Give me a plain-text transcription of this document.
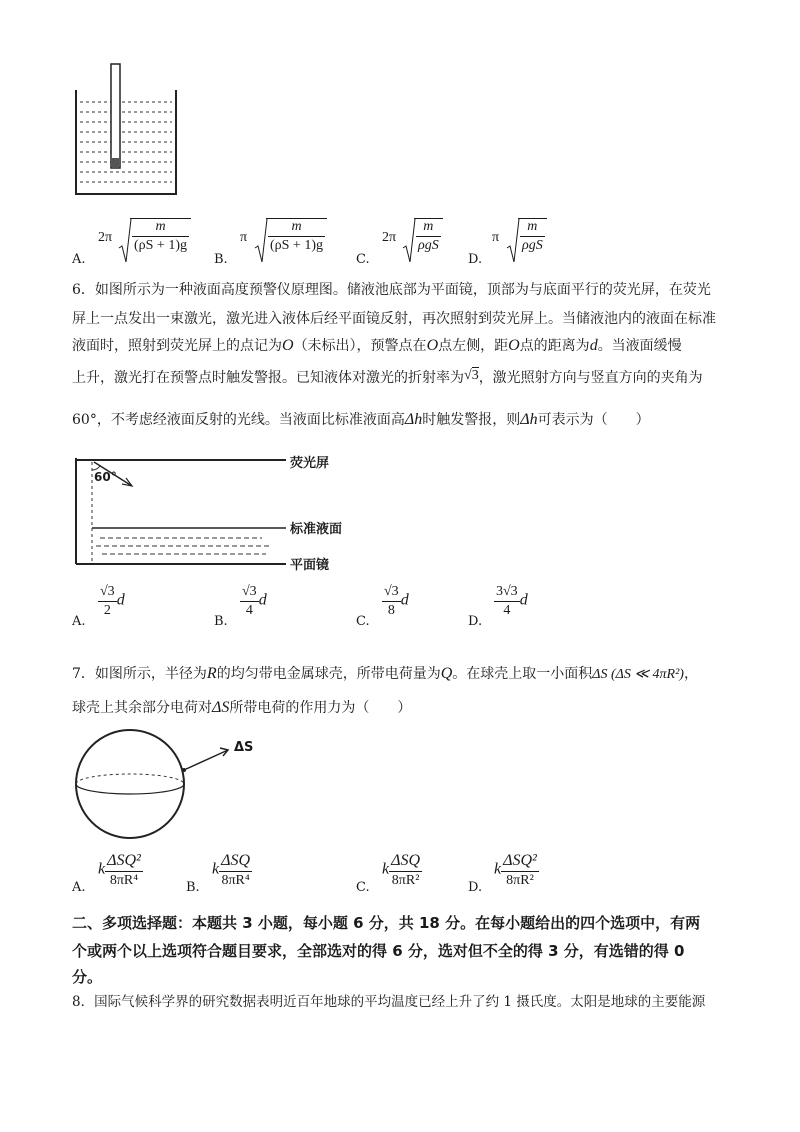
A.
$2\pi \frac{m}{(\rho S + 1)g}$
B.
π $\frac{m}{(\rho S + 1)g}$
C.
$2\pi \frac{m}{\text{ρgS}}$
D.
π $\frac{m}{\text{ρgS}}$
6．如图所示为一种液面高度预警仪原理图。储液池底部为平面镜，顶部为与底面平行的荧光屏，在荧光
屏上一点发出一束激光，激光进入液体后经平面镜反射，再次照射到荧光屏上。当储液池内的液面在标准
液面时，照射到荧光屏上的点记为O（未标出），预警点在O点左侧，距O点的距离为d。当液面缓慢
上升，激光打在预警点时触发警报。已知液体对激光的折射率为√3，激光照射方向与竖直方向的夹角为
60°，不考虑经液面反射的光线。当液面比标准液面高Δh时触发警报，则Δh可表示为（　　）
荧光屏
60°
标准液面
平面镜
A.
$\frac{√3}{2}$ d
B.
$\frac{√3}{4}$ d
C.
$\frac{√3}{8}$ d
D.
$\frac{3√3}{4}$ d
7．如图所示，半径为R的均匀带电金属球壳，所带电荷量为Q。在球壳上取一小面积ΔS (ΔS ≪ 4πR²)，
球壳上其余部分电荷对ΔS所带电荷的作用力为（　　）
ΔS
A.
k $\frac{\text{ΔSQ²}}{\text{8πR⁴}}$	B.
k $\frac{\text{ΔSQ}}{\text{8πR⁴}}$	C.
k $\frac{\text{ΔSQ}}{\text{8πR²}}$	D.
k $\frac{\text{ΔSQ²}}{\text{8πR²}}$
二、多项选择题：本题共 3 小题，每小题 6 分，共 18 分。在每小题给出的四个选项中，有两
个或两个以上选项符合题目要求，全部选对的得 6 分，选对但不全的得 3 分，有选错的得 0
分。
8．国际气候科学界的研究数据表明近百年地球的平均温度已经上升了约 1 摄氏度。太阳是地球的主要能源
